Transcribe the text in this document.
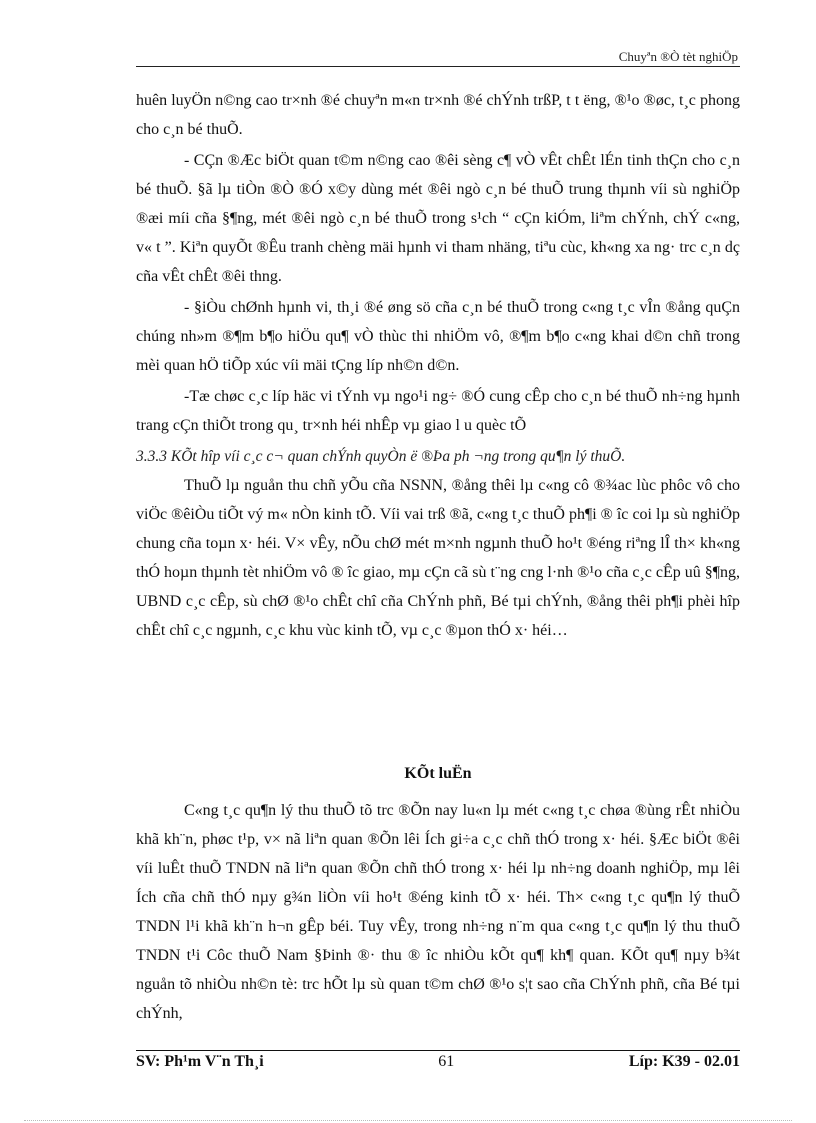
Chuyªn ®Ò tèt nghiÖp

huên luyÖn n©ng cao tr×nh ®é chuyªn m«n tr×nh ®é chÝnh trßP, t t ëng, ®¹o ®øc, t¸c phong cho c¸n bé thuÕ.

- CÇn ®Æc biÖt quan t©m n©ng cao ®êi sèng c¶ vÒ vÊt chÊt lÉn tinh thÇn cho c¸n bé thuÕ. §ã lµ tiÒn ®Ò ®Ó x©y dùng mét ®êi ngò c¸n bé thuÕ trung thµnh víi sù nghiÖp ®æi míi cña §¶ng, mét ®êi ngò c¸n bé thuÕ trong s¹ch “ cÇn kiÓm, liªm chÝnh, chÝ c«ng, v« t ”. Kiªn quyÕt ®Êu tranh chèng mäi hµnh vi tham nhäng, tiªu cùc, kh«ng xa ng· trc c¸n dç cña vÊt chÊt ®êi thng.

- §iÒu chØnh hµnh vi, th¸i ®é øng sö cña c¸n bé thuÕ trong c«ng t¸c vÎn ®ång quÇn chúng nh»m ®¶m b¶o hiÖu qu¶ vÒ thùc thi nhiÖm vô, ®¶m b¶o c«ng khai d©n chñ trong mèi quan hÖ tiÕp xúc víi mäi tÇng líp nh©n d©n.

-Tæ chøc c¸c líp häc vi tÝnh vµ ngo¹i ng÷ ®Ó cung cÊp cho c¸n bé thuÕ nh÷ng hµnh trang cÇn thiÕt trong qu¸ tr×nh héi nhÊp vµ giao l u quèc tÕ

3.3.3 KÕt hîp víi c¸c c¬ quan chÝnh quyÒn ë ®Þa ph ¬ng trong qu¶n lý thuÕ.

ThuÕ lµ nguån thu chñ yÕu cña NSNN, ®ång thêi lµ c«ng cô ®¾ac lùc phôc vô cho viÖc ®êiÒu tiÕt vý m« nÒn kinh tÕ. Víi vai trß ®ã, c«ng t¸c thuÕ ph¶i ® îc coi lµ sù nghiÖp chung cña toµn x· héi. V× vÊy, nÕu chØ mét m×nh ngµnh thuÕ ho¹t ®éng riªng lÎ th× kh«ng thÓ hoµn thµnh tèt nhiÖm vô ® îc giao, mµ cÇn cã sù t¨ng cng l·nh ®¹o cña c¸c cÊp uû §¶ng, UBND c¸c cÊp, sù chØ ®¹o chÊt chî cña ChÝnh phñ, Bé tµi chÝnh, ®ång thêi ph¶i phèi hîp chÊt chî c¸c ngµnh, c¸c khu vùc kinh tÕ, vµ c¸c ®µon thÓ x· héi…

KÕt luËn

C«ng t¸c qu¶n lý thu thuÕ tõ trc ®Õn nay lu«n lµ mét c«ng t¸c chøa ®ùng rÊt nhiÒu khã kh¨n, phøc t¹p, v× nã liªn quan ®Õn lêi Ích gi÷a c¸c chñ thÓ trong x· héi. §Æc biÖt ®êi víi luÊt thuÕ TNDN nã liªn quan ®Õn chñ thÓ trong x· héi lµ nh÷ng doanh nghiÖp, mµ lêi Ích cña chñ thÓ nµy g¾n liÒn víi ho¹t ®éng kinh tÕ x· héi. Th× c«ng t¸c qu¶n lý thuÕ TNDN l¹i khã kh¨n h¬n gÊp béi. Tuy vÊy, trong nh÷ng n¨m qua c«ng t¸c qu¶n lý thu thuÕ TNDN t¹i Côc thuÕ Nam §Þinh ®· thu ® îc nhiÒu kÕt qu¶ kh¶ quan. KÕt qu¶ nµy b¾t nguån tõ nhiÒu nh©n tè: trc hÕt lµ sù quan t©m chØ ®¹o s¦t sao cña ChÝnh phñ, cña Bé tµi chÝnh,

SV: Ph¹m V¨n Th¸i	61	Líp: K39 - 02.01
